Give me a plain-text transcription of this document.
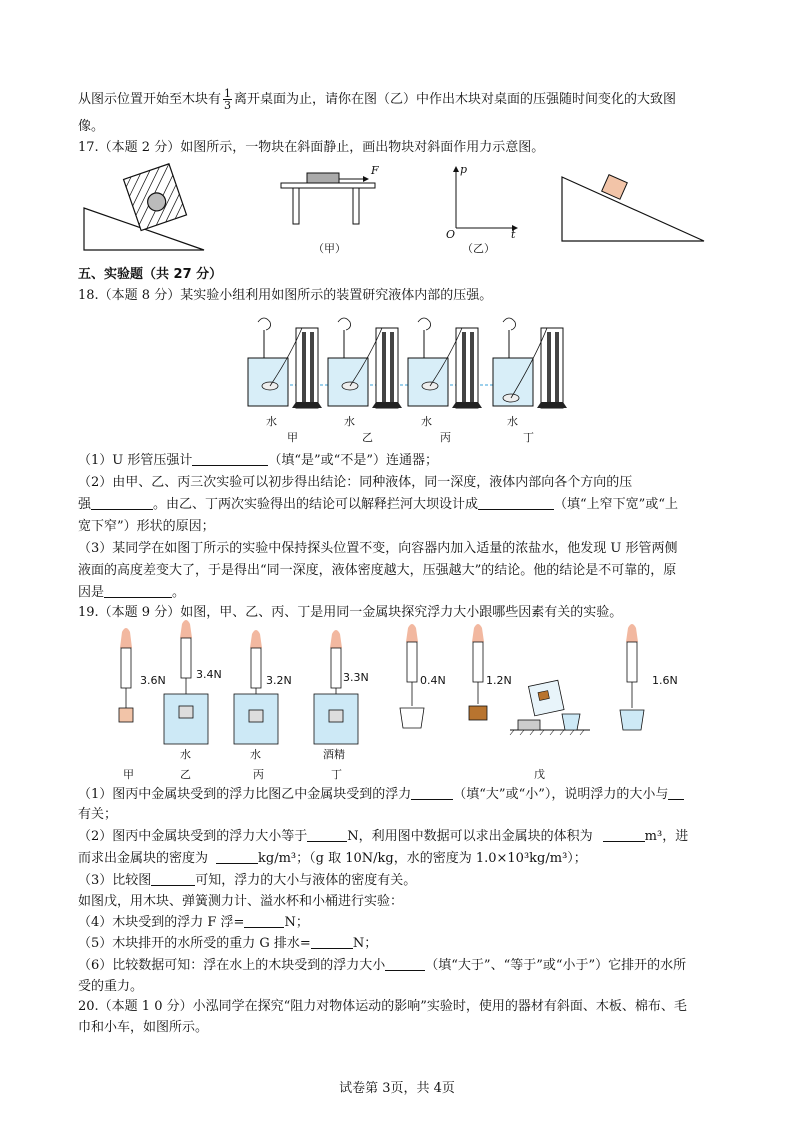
从图示位置开始至木块有 $\frac{1}{3}$ 离开桌面为止，请你在图（乙）中作出木块对桌面的压强随时间变化的大致图
像。
17.（本题 2 分）如图所示，一物块在斜面静止，画出物块对斜面作用力示意图。
F
（甲）
p
O	t
（乙）
五、实验题（共 27 分）
18.（本题 8 分）某实验小组利用如图所示的装置研究液体内部的压强。
水	水	水	水
甲	乙	丙	丁
（1）U 形管压强计	（填“是”或“不是”）连通器；
（2）由甲、乙、丙三次实验可以初步得出结论：同种液体，同一深度，液体内部向各个方向的压
强	。由乙、丁两次实验得出的结论可以解释拦河大坝设计成	（填“上窄下宽”或“上
宽下窄”）形状的原因；
（3）某同学在如图丁所示的实验中保持探头位置不变，向容器内加入适量的浓盐水，他发现 U 形管两侧
液面的高度差变大了，于是得出“同一深度，液体密度越大，压强越大”的结论。他的结论是不可靠的，原
因是	。
19.（本题 9 分）如图，甲、乙、丙、丁是用同一金属块探究浮力大小跟哪些因素有关的实验。
3.6N	3.4N	3.2N	3.3N	0.4N	1.2N	1.6N
水	水	酒精
甲	乙	丙	丁	戊
（1）图丙中金属块受到的浮力比图乙中金属块受到的浮力	（填“大”或“小”），说明浮力的大小与
有关；
（2）图丙中金属块受到的浮力大小等于	N，利用图中数据可以求出金属块的体积为	m³，进
而求出金属块的密度为	kg/m³；（g 取 10N/kg，水的密度为 1.0×10³kg/m³）；
（3）比较图	可知，浮力的大小与液体的密度有关。
如图戊，用木块、弹簧测力计、溢水杯和小桶进行实验：
（4）木块受到的浮力 F 浮=	N；
（5）木块排开的水所受的重力 G 排水=	N；
（6）比较数据可知：浮在水上的木块受到的浮力大小	（填“大于”、“等于”或“小于”）它排开的水所
受的重力。
20.（本题 1 0 分）小泓同学在探究“阻力对物体运动的影响”实验时，使用的器材有斜面、木板、棉布、毛
巾和小车，如图所示。
试卷第 3页，共 4页
